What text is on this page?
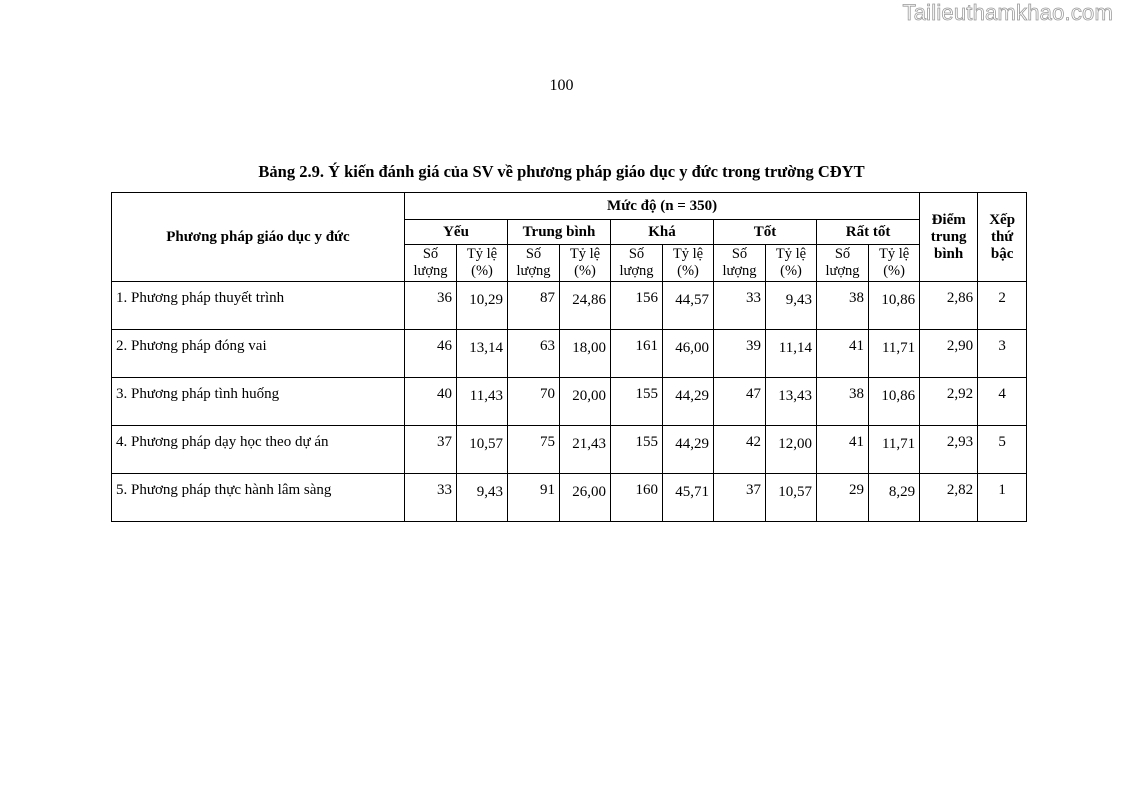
Tailieuthamkhao.com
100
Bảng 2.9. Ý kiến đánh giá của SV về phương pháp giáo dục y đức trong trường CĐYT
Phương pháp giáo dục y đức	Mức độ (n = 350)										Điểm trung bình	Xếp thứ bậc
	Yếu		Trung bình		Khá		Tốt		Rất tốt			
	Số lượng	Tỷ lệ (%)	Số lượng	Tỷ lệ (%)	Số lượng	Tỷ lệ (%)	Số lượng	Tỷ lệ (%)	Số lượng	Tỷ lệ (%)		
1. Phương pháp thuyết trình	36	10,29	87	24,86	156	44,57	33	9,43	38	10,86	2,86	2
2. Phương pháp đóng vai	46	13,14	63	18,00	161	46,00	39	11,14	41	11,71	2,90	3
3. Phương pháp tình huống	40	11,43	70	20,00	155	44,29	47	13,43	38	10,86	2,92	4
4. Phương pháp dạy học theo dự án	37	10,57	75	21,43	155	44,29	42	12,00	41	11,71	2,93	5
5. Phương pháp thực hành lâm sàng	33	9,43	91	26,00	160	45,71	37	10,57	29	8,29	2,82	1
